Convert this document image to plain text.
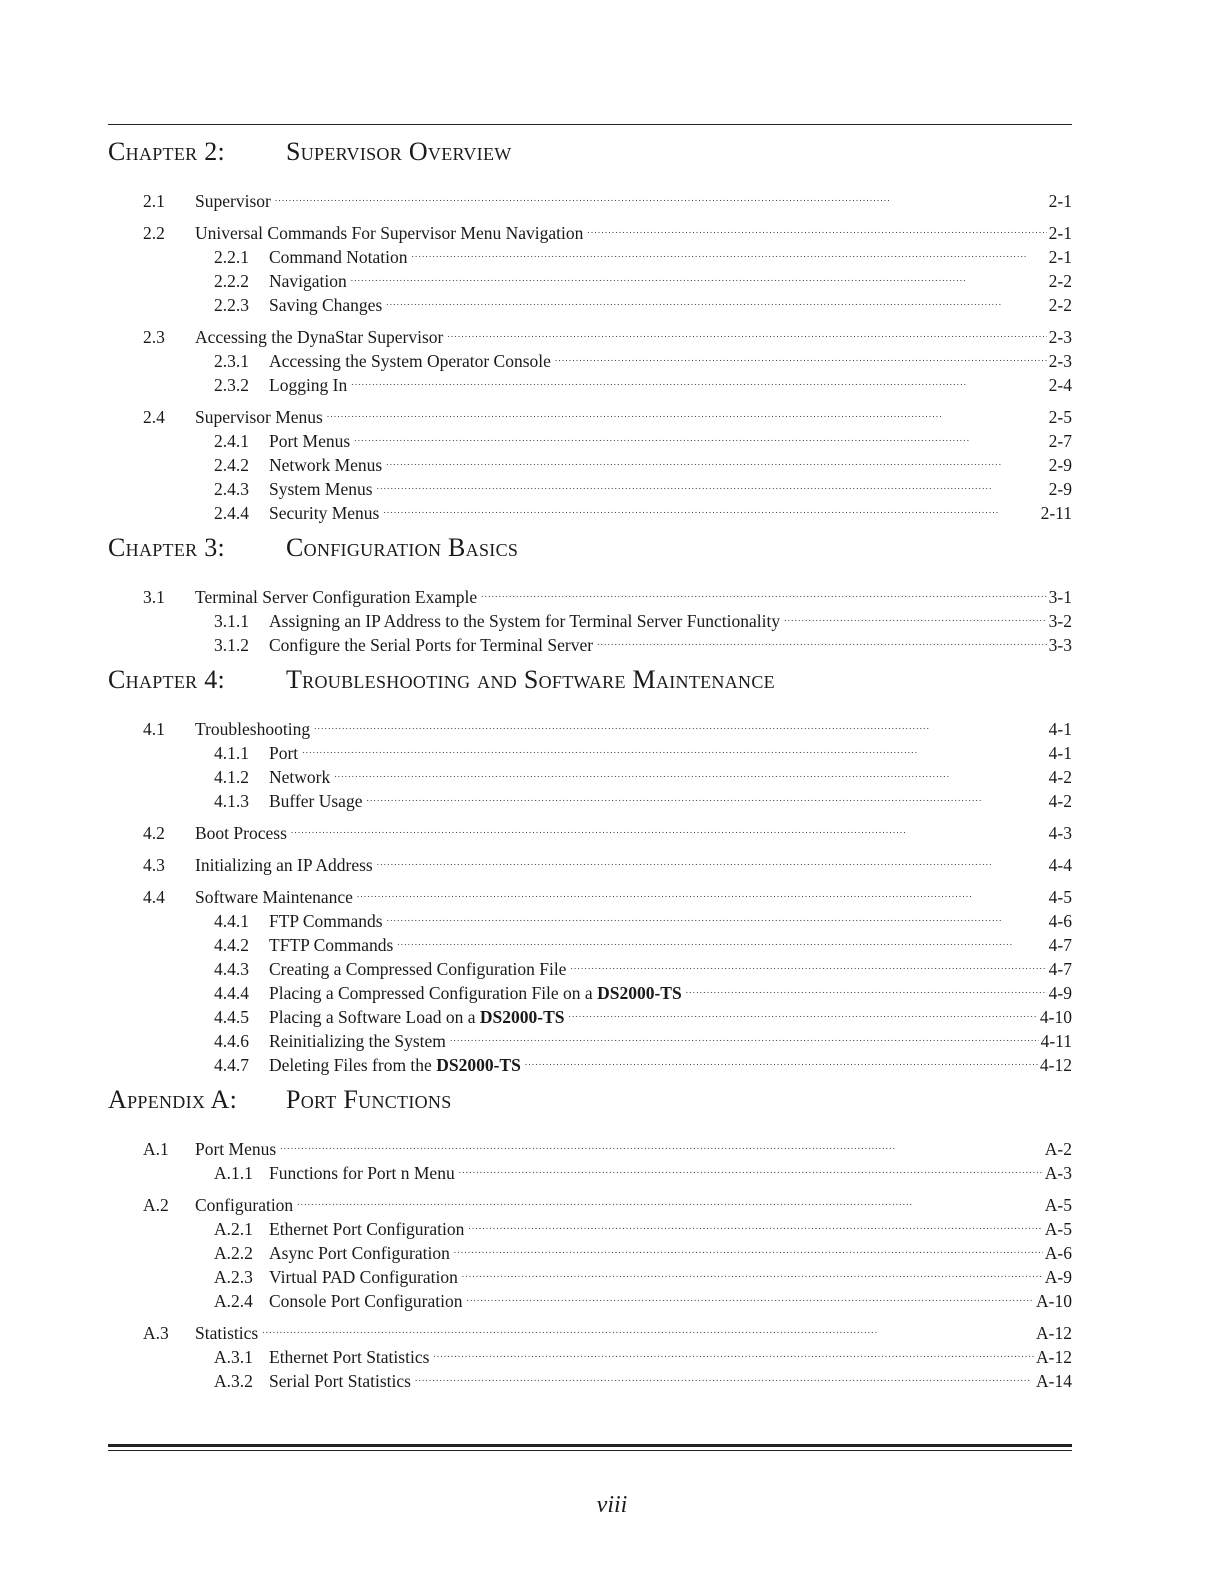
Chapter 2:	Supervisor Overview
2.1	Supervisor . . .	2-1
2.2	Universal Commands For Supervisor Menu Navigation . . .	2-1
2.2.1	Command Notation . . .	2-1
2.2.2	Navigation . . .	2-2
2.2.3	Saving Changes . . .	2-2
2.3	Accessing the DynaStar Supervisor . . .	2-3
2.3.1	Accessing the System Operator Console . . .	2-3
2.3.2	Logging In . . .	2-4
2.4	Supervisor Menus . . .	2-5
2.4.1	Port Menus . . .	2-7
2.4.2	Network Menus . . .	2-9
2.4.3	System Menus . . .	2-9
2.4.4	Security Menus . . .	2-11
Chapter 3:	Configuration Basics
3.1	Terminal Server Configuration Example . . .	3-1
3.1.1	Assigning an IP Address to the System for Terminal Server Functionality . . .	3-2
3.1.2	Configure the Serial Ports for Terminal Server . . .	3-3
Chapter 4:	Troubleshooting and Software Maintenance
4.1	Troubleshooting . . .	4-1
4.1.1	Port . . .	4-1
4.1.2	Network . . .	4-2
4.1.3	Buffer Usage . . .	4-2
4.2	Boot Process . . .	4-3
4.3	Initializing an IP Address . . .	4-4
4.4	Software Maintenance . . .	4-5
4.4.1	FTP Commands . . .	4-6
4.4.2	TFTP Commands . . .	4-7
4.4.3	Creating a Compressed Configuration File . . .	4-7
4.4.4	Placing a Compressed Configuration File on a DS2000-TS . . .	4-9
4.4.5	Placing a Software Load on a DS2000-TS . . .	4-10
4.4.6	Reinitializing the System . . .	4-11
4.4.7	Deleting Files from the DS2000-TS . . .	4-12
Appendix A:	Port Functions
A.1	Port Menus . . .	A-2
A.1.1 Functions for Port n Menu . . .	A-3
A.2	Configuration . . .	A-5
A.2.1 Ethernet Port Configuration . . .	A-5
A.2.2 Async Port Configuration . . .	A-6
A.2.3 Virtual PAD Configuration . . .	A-9
A.2.4 Console Port Configuration . . .	A-10
A.3	Statistics . . .	A-12
A.3.1 Ethernet Port Statistics . . .	A-12
A.3.2 Serial Port Statistics . . .	A-14
viii
